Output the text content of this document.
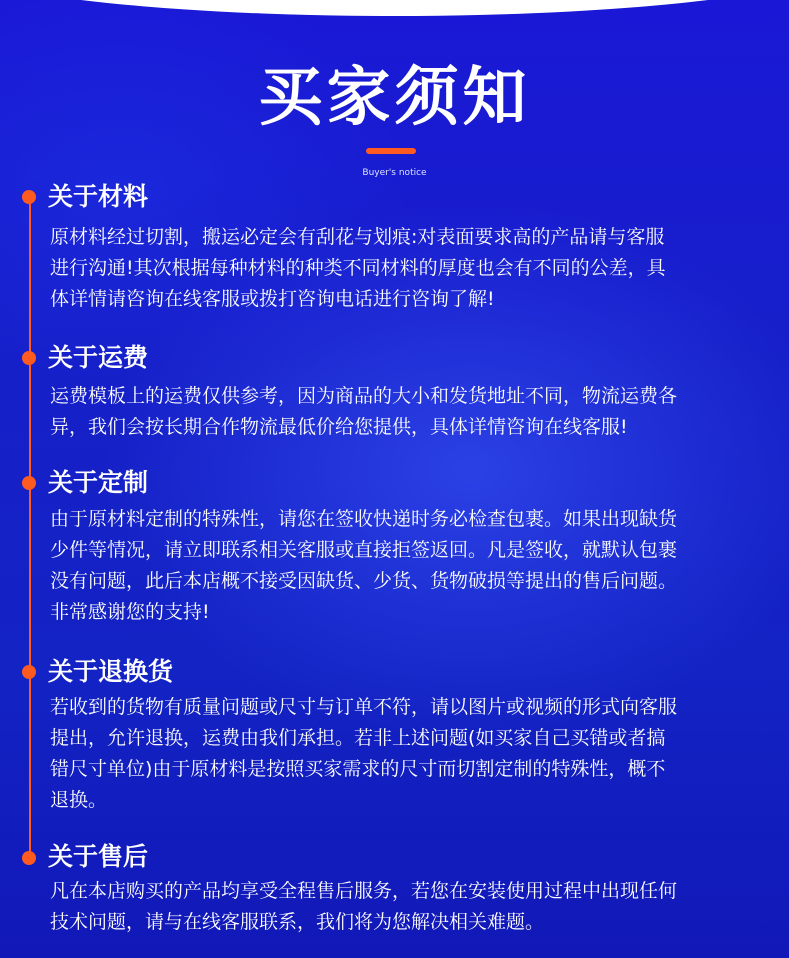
买家须知
Buyer's notice
关于材料
原材料经过切割，搬运必定会有刮花与划痕:对表面要求高的产品请与客服
进行沟通!其次根据每种材料的种类不同材料的厚度也会有不同的公差，具
体详情请咨询在线客服或拨打咨询电话进行咨询了解!
关于运费
运费模板上的运费仅供参考，因为商品的大小和发货地址不同，物流运费各
异，我们会按长期合作物流最低价给您提供，具体详情咨询在线客服!
关于定制
由于原材料定制的特殊性，请您在签收快递时务必检查包裹。如果出现缺货
少件等情况，请立即联系相关客服或直接拒签返回。凡是签收，就默认包裹
没有问题，此后本店概不接受因缺货、少货、货物破损等提出的售后问题。
非常感谢您的支持!
关于退换货
若收到的货物有质量问题或尺寸与订单不符，请以图片或视频的形式向客服
提出，允许退换，运费由我们承担。若非上述问题(如买家自己买错或者搞
错尺寸单位)由于原材料是按照买家需求的尺寸而切割定制的特殊性，概不
退换。
关于售后
凡在本店购买的产品均享受全程售后服务，若您在安装使用过程中出现任何
技术问题，请与在线客服联系，我们将为您解决相关难题。
